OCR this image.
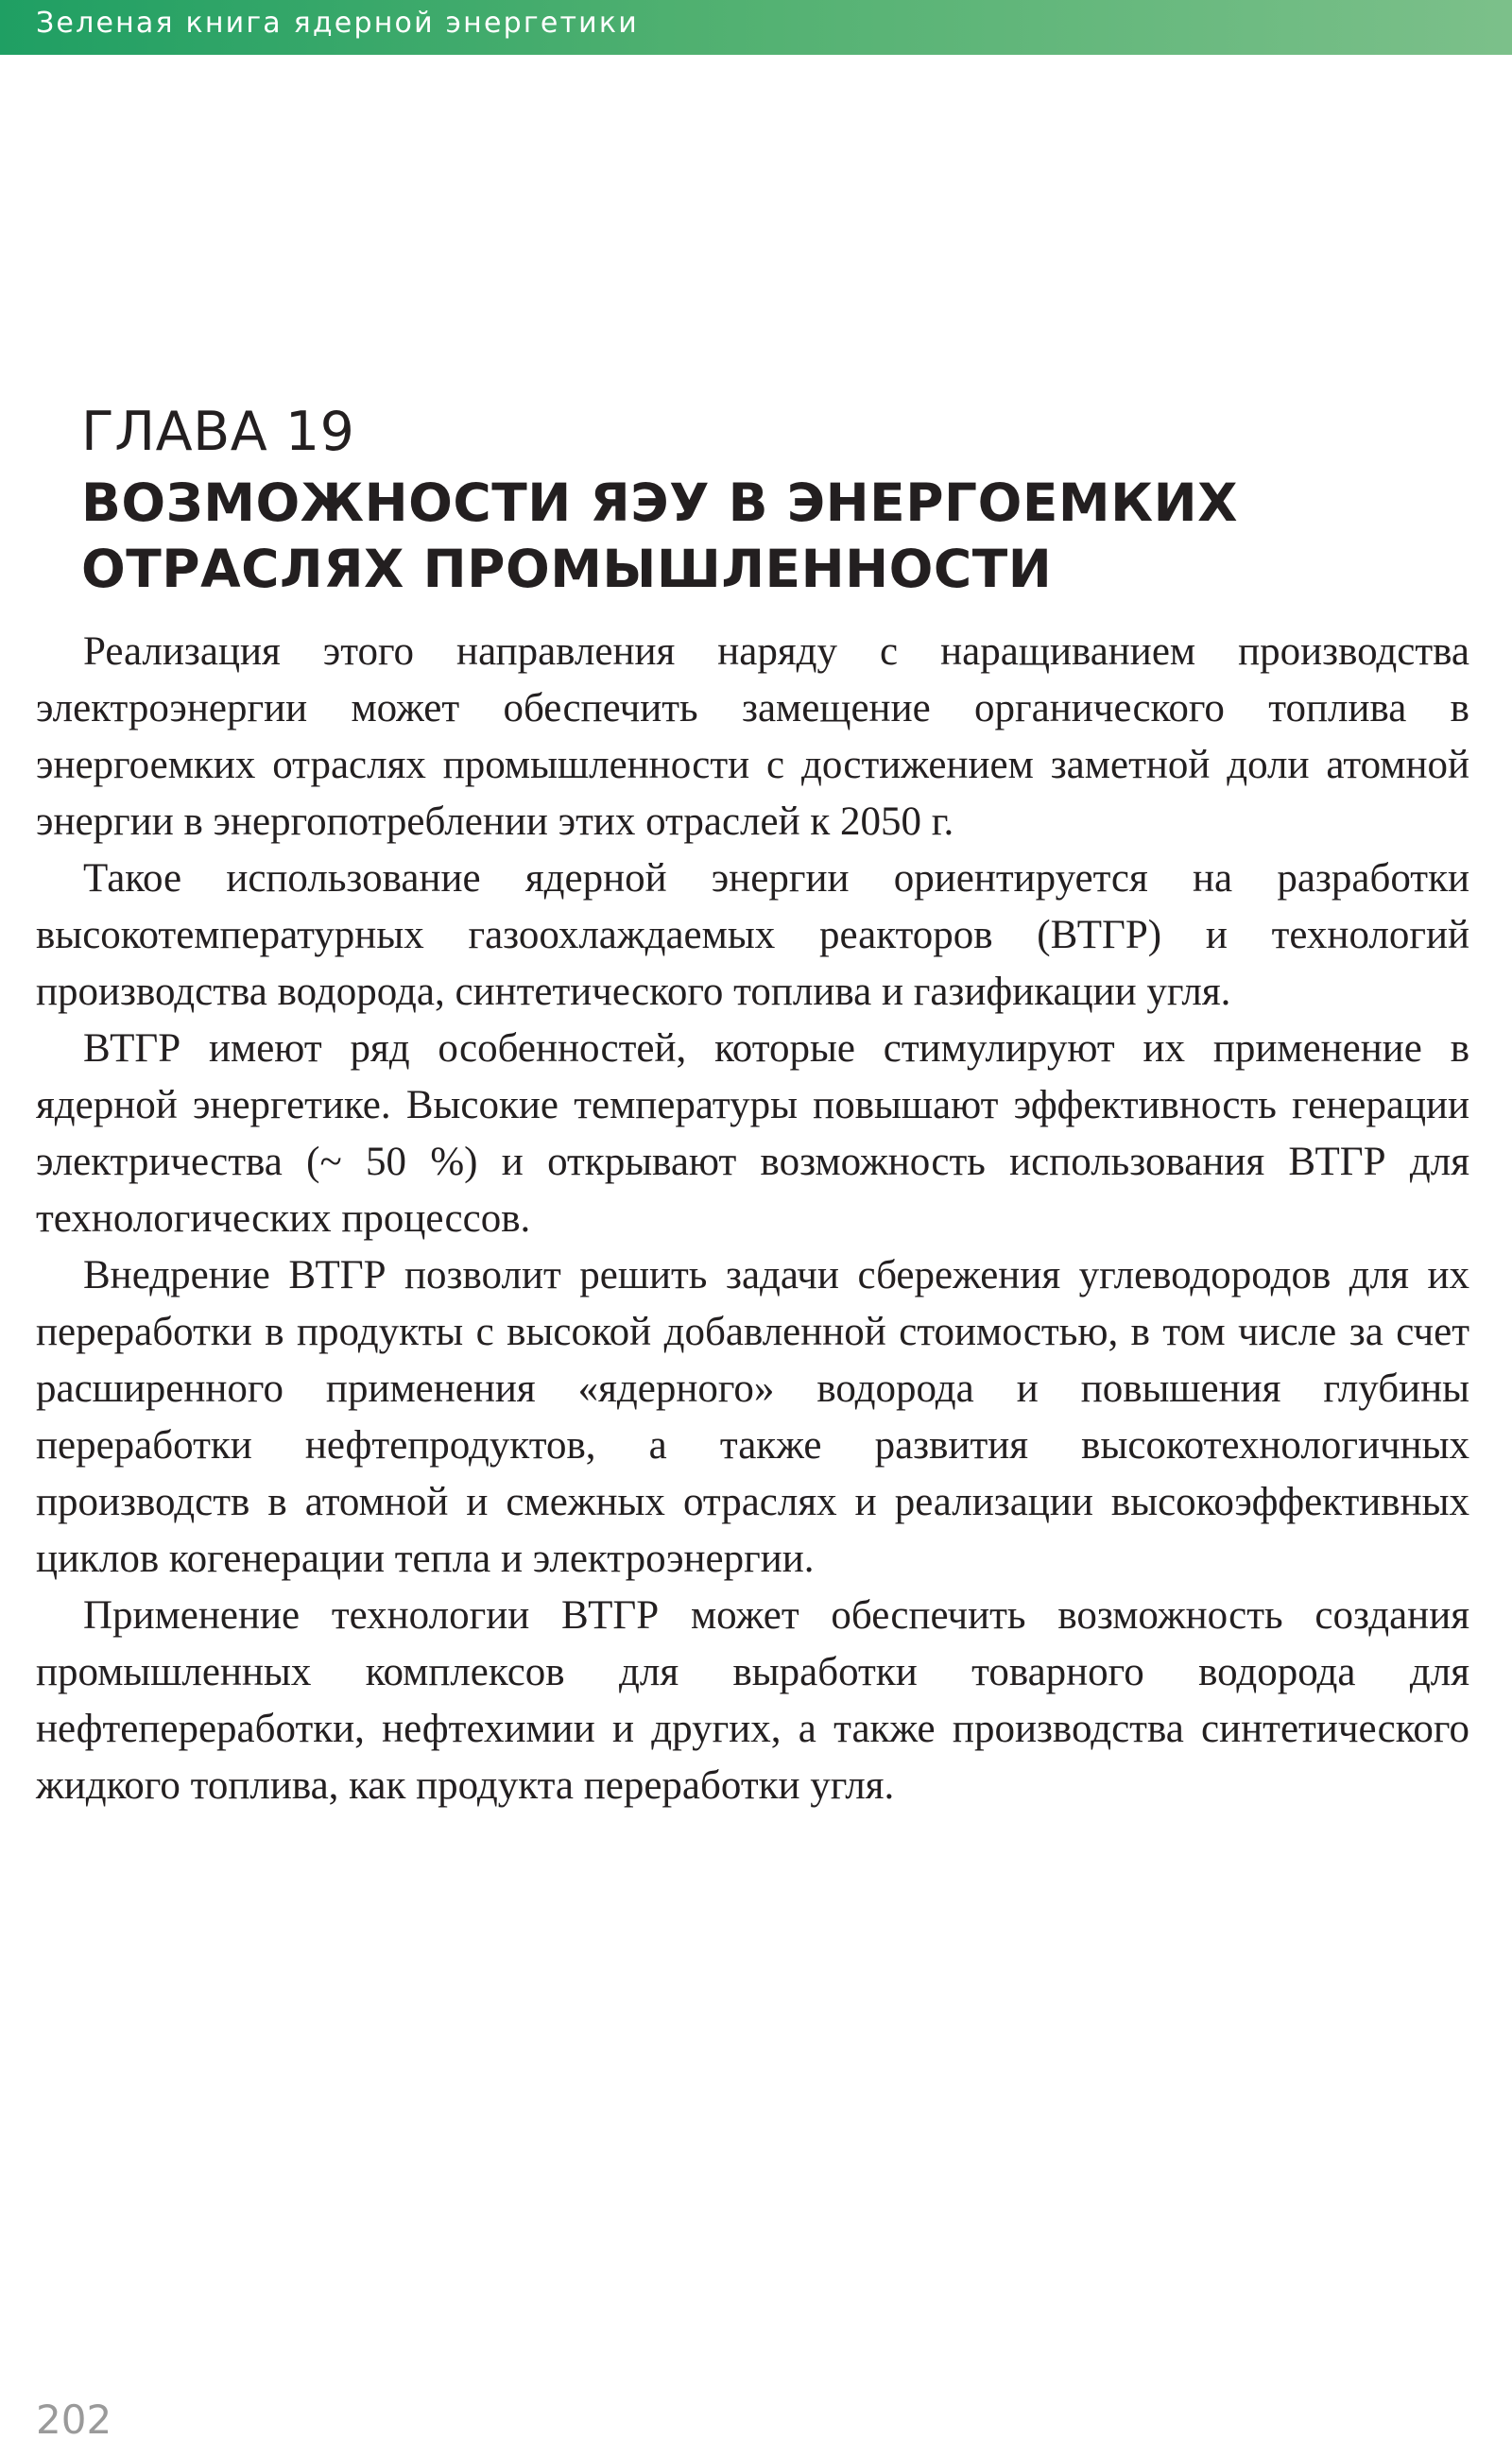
Зеленая книга ядерной энергетики
ГЛАВА 19
ВОЗМОЖНОСТИ ЯЭУ В ЭНЕРГОЕМКИХ
ОТРАСЛЯХ ПРОМЫШЛЕННОСТИ

Реализация этого направления наряду с наращиванием производства электроэнергии может обеспечить замещение органического топлива в энергоемких отраслях промышленности с достижением заметной доли атомной энергии в энергопотреблении этих отраслей к 2050 г.

Такое использование ядерной энергии ориентируется на разработки высокотемпературных газоохлаждаемых реакторов (ВТГР) и технологий производства водорода, синтетического топлива и газификации угля.

ВТГР имеют ряд особенностей, которые стимулируют их применение в ядерной энергетике. Высокие температуры повышают эффективность генерации электричества (~ 50 %) и открывают возможность использования ВТГР для технологических процессов.

Внедрение ВТГР позволит решить задачи сбережения углеводородов для их переработки в продукты с высокой добавленной стоимостью, в том числе за счет расширенного применения «ядерного» водорода и повышения глубины переработки нефтепродуктов, а также развития высокотехнологичных производств в атомной и смежных отраслях и реализации высокоэффективных циклов когенерации тепла и электроэнергии.

Применение технологии ВТГР может обеспечить возможность создания промышленных комплексов для выработки товарного водорода для нефтепереработки, нефтехимии и других, а также производства синтетического жидкого топлива, как продукта переработки угля.

202
